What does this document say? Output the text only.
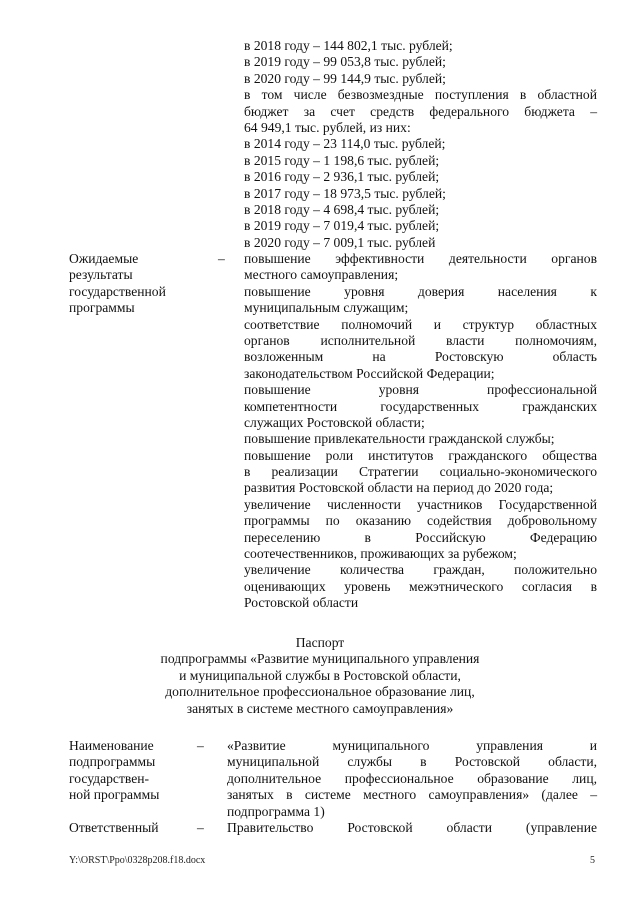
в 2018 году – 144 802,1 тыс. рублей;
в 2019 году – 99 053,8 тыс. рублей;
в 2020 году – 99 144,9 тыс. рублей;
в том числе безвозмездные поступления в областной
бюджет за счет средств федерального бюджета –
64 949,1 тыс. рублей, из них:
в 2014 году – 23 114,0 тыс. рублей;
в 2015 году – 1 198,6 тыс. рублей;
в 2016 году – 2 936,1 тыс. рублей;
в 2017 году – 18 973,5 тыс. рублей;
в 2018 году – 4 698,4 тыс. рублей;
в 2019 году – 7 019,4 тыс. рублей;
в 2020 году – 7 009,1 тыс. рублей
Ожидаемые
результаты
государственной
программы
– повышение эффективности деятельности органов
местного самоуправления;
повышение уровня доверия населения к
муниципальным служащим;
соответствие полномочий и структур областных
органов исполнительной власти полномочиям,
возложенным на Ростовскую область
законодательством Российской Федерации;
повышение уровня профессиональной
компетентности государственных гражданских
служащих Ростовской области;
повышение привлекательности гражданской службы;
повышение роли институтов гражданского общества
в реализации Стратегии социально-экономического
развития Ростовской области на период до 2020 года;
увеличение численности участников Государственной
программы по оказанию содействия добровольному
переселению в Российскую Федерацию
соотечественников, проживающих за рубежом;
увеличение количества граждан, положительно
оценивающих уровень межэтнического согласия в
Ростовской области
Паспорт
подпрограммы «Развитие муниципального управления
и муниципальной службы в Ростовской области,
дополнительное профессиональное образование лиц,
занятых в системе местного самоуправления»
Наименование
подпрограммы
государствен-
ной программы
– «Развитие муниципального управления и
муниципальной службы в Ростовской области,
дополнительное профессиональное образование лиц,
занятых в системе местного самоуправления» (далее –
подпрограмма 1)
Ответственный	– Правительство Ростовской области (управление
Y:\ORST\Ppo\0328p208.f18.docx	5
